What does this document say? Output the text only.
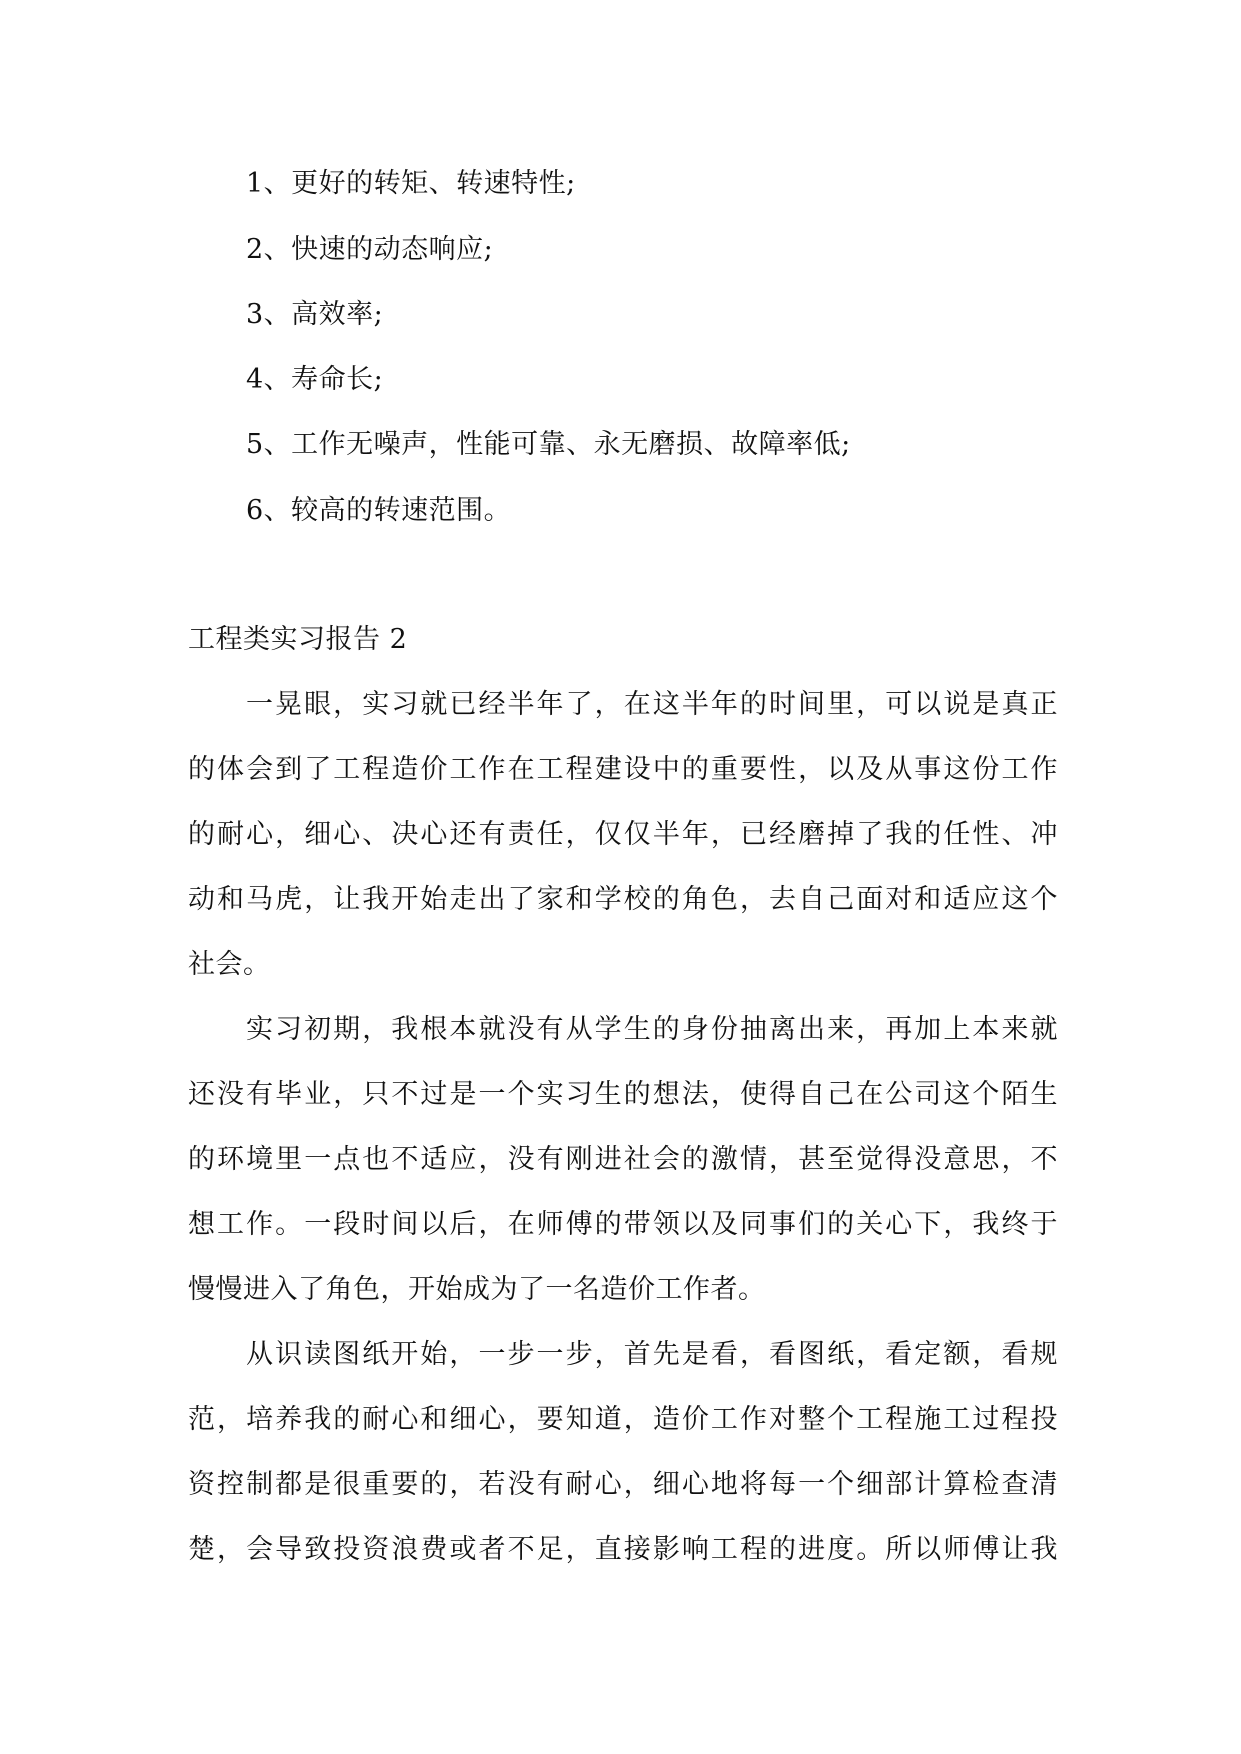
1、更好的转矩、转速特性;
2、快速的动态响应;
3、高效率;
4、寿命长;
5、工作无噪声，性能可靠、永无磨损、故障率低;
6、较高的转速范围。
工程类实习报告 2
一晃眼，实习就已经半年了，在这半年的时间里，可以说是真正
的体会到了工程造价工作在工程建设中的重要性，以及从事这份工作
的耐心，细心、决心还有责任，仅仅半年，已经磨掉了我的任性、冲
动和马虎，让我开始走出了家和学校的角色，去自己面对和适应这个
社会。
实习初期，我根本就没有从学生的身份抽离出来，再加上本来就
还没有毕业，只不过是一个实习生的想法，使得自己在公司这个陌生
的环境里一点也不适应，没有刚进社会的激情，甚至觉得没意思，不
想工作。一段时间以后，在师傅的带领以及同事们的关心下，我终于
慢慢进入了角色，开始成为了一名造价工作者。
从识读图纸开始，一步一步，首先是看，看图纸，看定额，看规
范，培养我的耐心和细心，要知道，造价工作对整个工程施工过程投
资控制都是很重要的，若没有耐心，细心地将每一个细部计算检查清
楚，会导致投资浪费或者不足，直接影响工程的进度。所以师傅让我
